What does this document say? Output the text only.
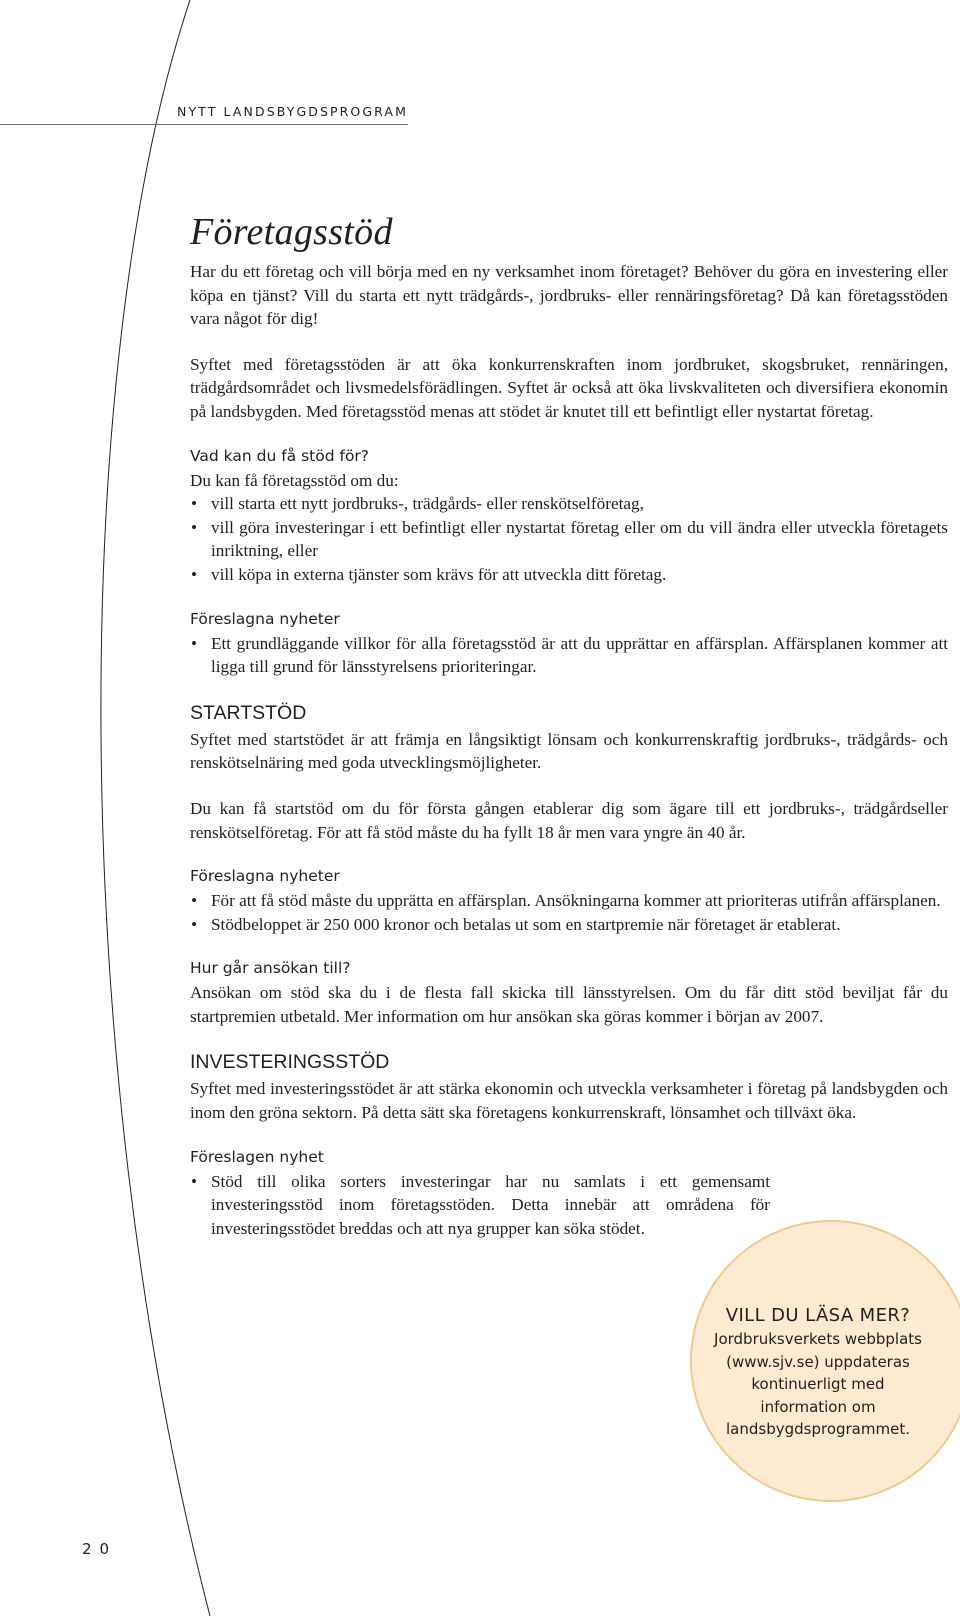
NYTT LANDSBYGDSPROGRAM
Företagsstöd

Har du ett företag och vill börja med en ny verksamhet inom företaget? Behöver du göra en investering eller köpa en tjänst? Vill du starta ett nytt trädgårds-, jordbruks- eller rennäringsföretag? Då kan företagsstöden vara något för dig!

Syftet med företagsstöden är att öka konkurrenskraften inom jordbruket, skogsbruket, rennäringen, trädgårdsområdet och livsmedelsförädlingen. Syftet är också att öka livskvaliteten och diversifiera ekonomin på landsbygden. Med företagsstöd menas att stödet är knutet till ett befintligt eller nystartat företag.

Vad kan du få stöd för?

Du kan få företagsstöd om du:

• vill starta ett nytt jordbruks-, trädgårds- eller renskötselföretag,
• vill göra investeringar i ett befintligt eller nystartat företag eller om du vill ändra eller utveckla företagets inriktning, eller
• vill köpa in externa tjänster som krävs för att utveckla ditt företag.
Föreslagna nyheter
• Ett grundläggande villkor för alla företagsstöd är att du upprättar en affärsplan. Affärsplanen kommer att ligga till grund för länsstyrelsens prioriteringar.
STARTSTÖD

Syftet med startstödet är att främja en långsiktigt lönsam och konkurrenskraftig jordbruks-, trädgårds- och renskötselnäring med goda utvecklingsmöjligheter.

Du kan få startstöd om du för första gången etablerar dig som ägare till ett jordbruks-, trädgårdseller renskötselföretag. För att få stöd måste du ha fyllt 18 år men vara yngre än 40 år.

Föreslagna nyheter
• För att få stöd måste du upprätta en affärsplan. Ansökningarna kommer att prioriteras utifrån affärsplanen.
• Stödbeloppet är 250 000 kronor och betalas ut som en startpremie när företaget är etablerat.
Hur går ansökan till?

Ansökan om stöd ska du i de flesta fall skicka till länsstyrelsen. Om du får ditt stöd beviljat får du startpremien utbetald. Mer information om hur ansökan ska göras kommer i början av 2007.

INVESTERINGSSTÖD

Syftet med investeringsstödet är att stärka ekonomin och utveckla verksamheter i företag på landsbygden och inom den gröna sektorn. På detta sätt ska företagens konkurrenskraft, lönsamhet och tillväxt öka.

Föreslagen nyhet
• Stöd till olika sorters investeringar har nu samlats i ett gemensamt investeringsstöd inom företagsstöden. Detta innebär att områdena för investeringsstödet breddas och att nya grupper kan söka stödet.
VILL DU LÄSA MER?
Jordbruksverkets webbplats
(www.sjv.se) uppdateras
kontinuerligt med
information om
landsbygdsprogrammet.
20
